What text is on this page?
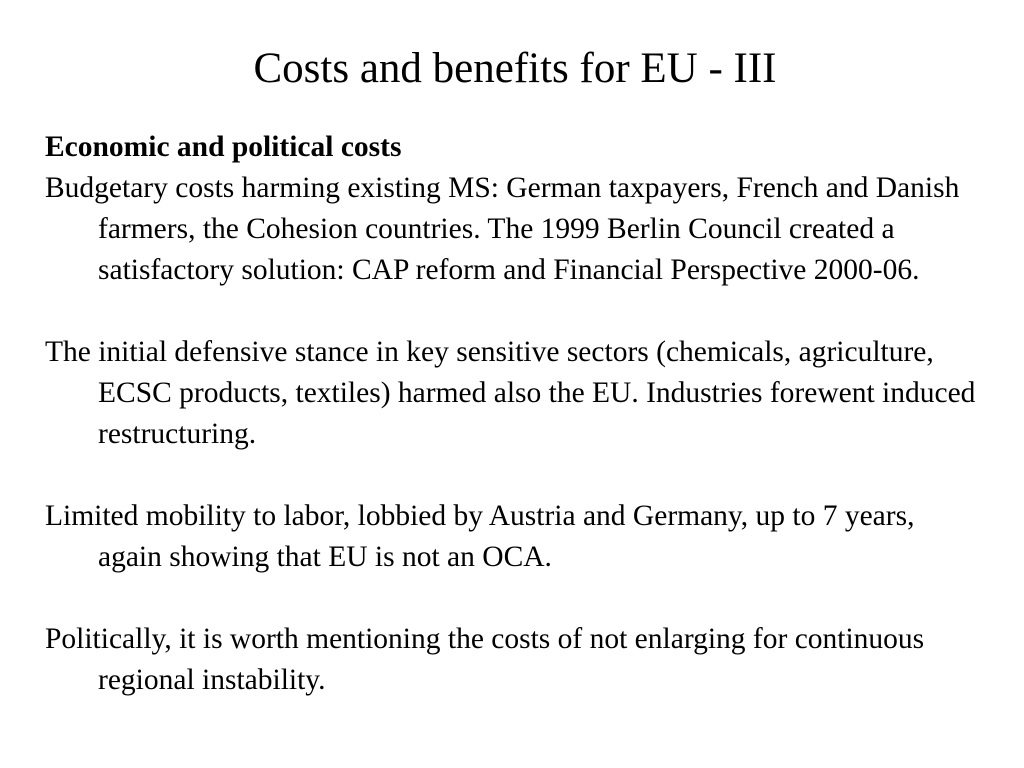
Costs and benefits for EU - III

Economic and political costs

Budgetary costs harming existing MS: German taxpayers, French and Danish farmers, the Cohesion countries. The 1999 Berlin Council created a satisfactory solution: CAP reform and Financial Perspective 2000-06.

The initial defensive stance in key sensitive sectors (chemicals, agriculture, ECSC products, textiles) harmed also the EU. Industries forewent induced restructuring.

Limited mobility to labor, lobbied by Austria and Germany, up to 7 years, again showing that EU is not an OCA.

Politically, it is worth mentioning the costs of not enlarging for continuous regional instability.
